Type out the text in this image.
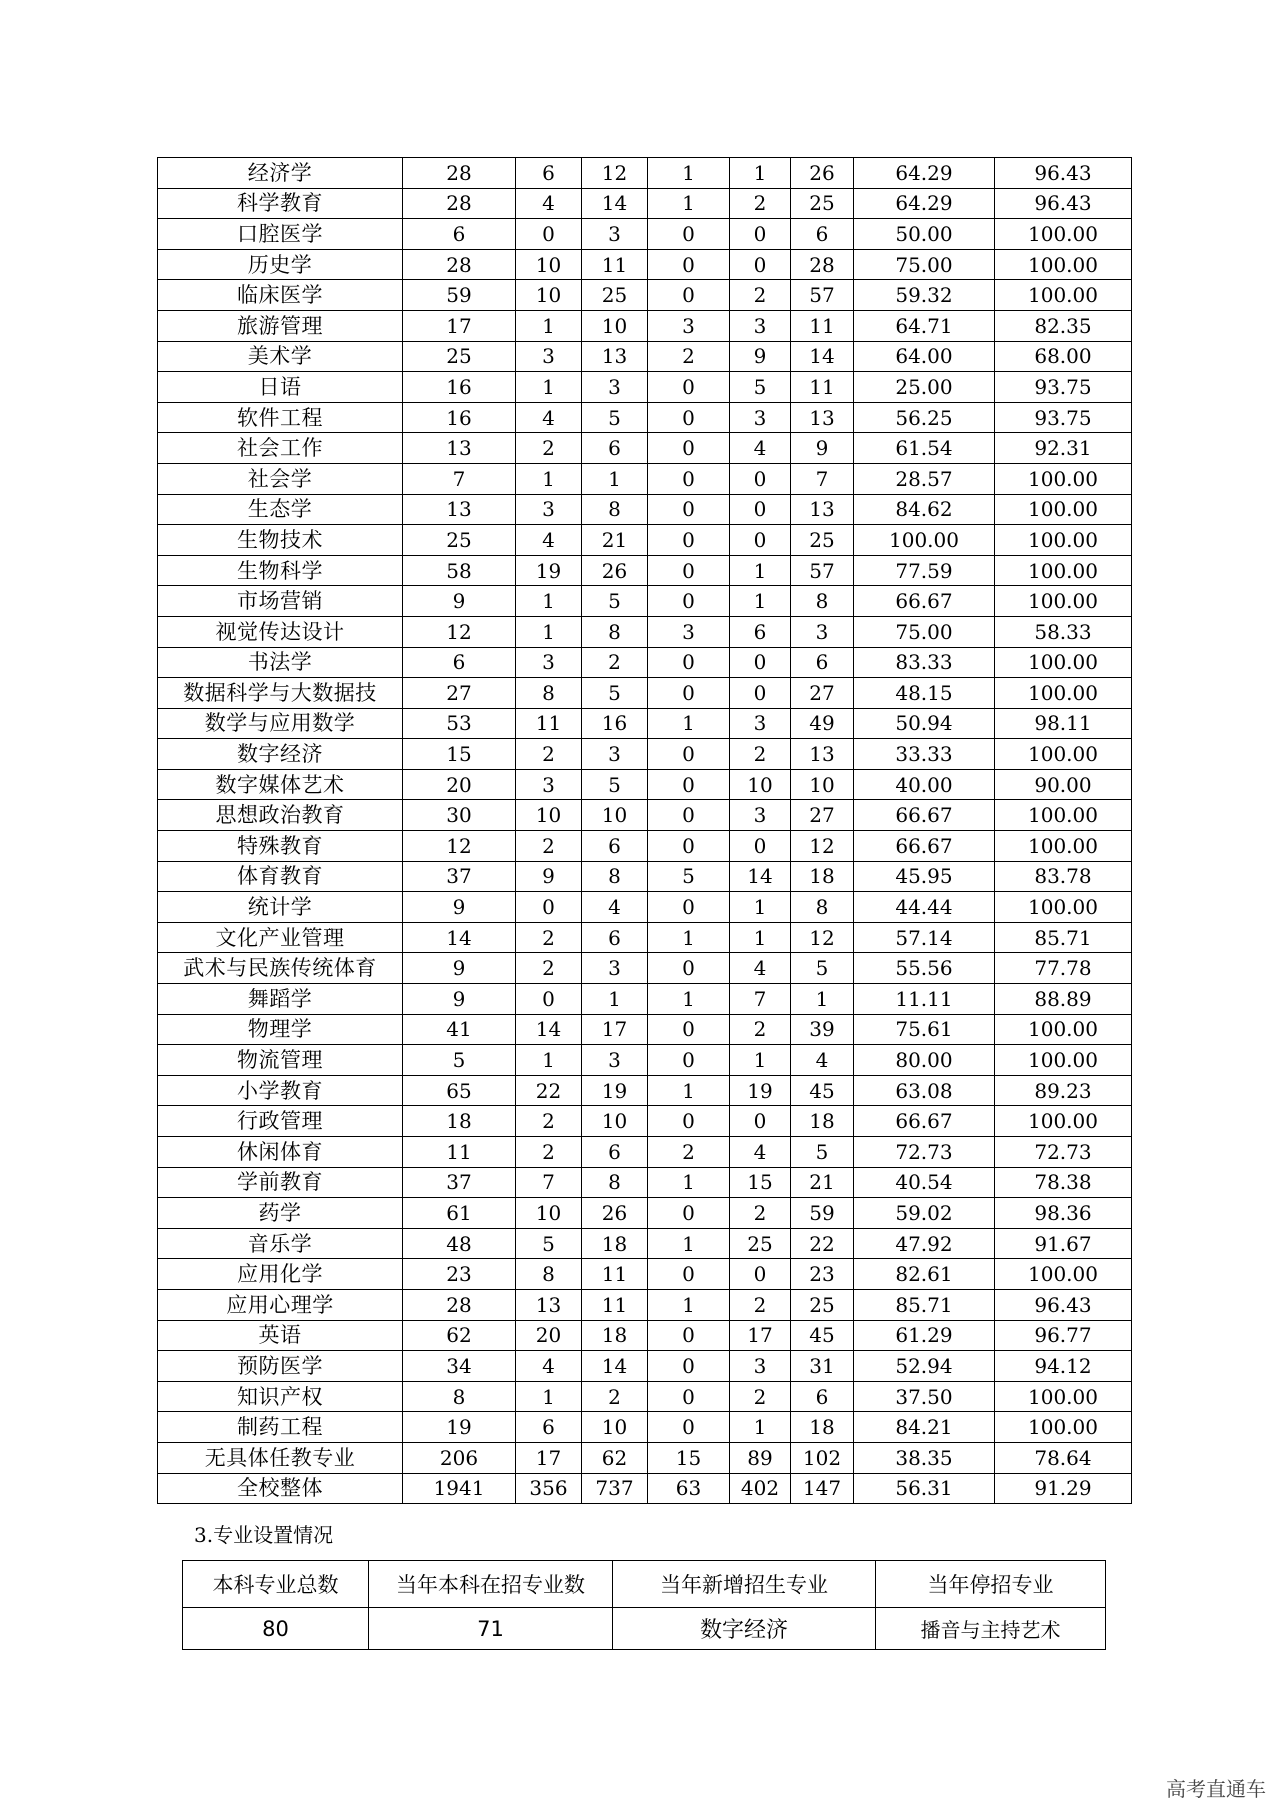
经济学	28	6	12	1	1	26	64.29	96.43
科学教育	28	4	14	1	2	25	64.29	96.43
口腔医学	6	0	3	0	0	6	50.00	100.00
历史学	28	10	11	0	0	28	75.00	100.00
临床医学	59	10	25	0	2	57	59.32	100.00
旅游管理	17	1	10	3	3	11	64.71	82.35
美术学	25	3	13	2	9	14	64.00	68.00
日语	16	1	3	0	5	11	25.00	93.75
软件工程	16	4	5	0	3	13	56.25	93.75
社会工作	13	2	6	0	4	9	61.54	92.31
社会学	7	1	1	0	0	7	28.57	100.00
生态学	13	3	8	0	0	13	84.62	100.00
生物技术	25	4	21	0	0	25	100.00	100.00
生物科学	58	19	26	0	1	57	77.59	100.00
市场营销	9	1	5	0	1	8	66.67	100.00
视觉传达设计	12	1	8	3	6	3	75.00	58.33
书法学	6	3	2	0	0	6	83.33	100.00
数据科学与大数据技	27	8	5	0	0	27	48.15	100.00
数学与应用数学	53	11	16	1	3	49	50.94	98.11
数字经济	15	2	3	0	2	13	33.33	100.00
数字媒体艺术	20	3	5	0	10	10	40.00	90.00
思想政治教育	30	10	10	0	3	27	66.67	100.00
特殊教育	12	2	6	0	0	12	66.67	100.00
体育教育	37	9	8	5	14	18	45.95	83.78
统计学	9	0	4	0	1	8	44.44	100.00
文化产业管理	14	2	6	1	1	12	57.14	85.71
武术与民族传统体育	9	2	3	0	4	5	55.56	77.78
舞蹈学	9	0	1	1	7	1	11.11	88.89
物理学	41	14	17	0	2	39	75.61	100.00
物流管理	5	1	3	0	1	4	80.00	100.00
小学教育	65	22	19	1	19	45	63.08	89.23
行政管理	18	2	10	0	0	18	66.67	100.00
休闲体育	11	2	6	2	4	5	72.73	72.73
学前教育	37	7	8	1	15	21	40.54	78.38
药学	61	10	26	0	2	59	59.02	98.36
音乐学	48	5	18	1	25	22	47.92	91.67
应用化学	23	8	11	0	0	23	82.61	100.00
应用心理学	28	13	11	1	2	25	85.71	96.43
英语	62	20	18	0	17	45	61.29	96.77
预防医学	34	4	14	0	3	31	52.94	94.12
知识产权	8	1	2	0	2	6	37.50	100.00
制药工程	19	6	10	0	1	18	84.21	100.00
无具体任教专业	206	17	62	15	89	102	38.35	78.64
全校整体	1941	356	737	63	402	147	56.31	91.29
3.专业设置情况
本科专业总数	当年本科在招专业数	当年新增招生专业	当年停招专业
80	71	数字经济	播音与主持艺术
高考直通车
